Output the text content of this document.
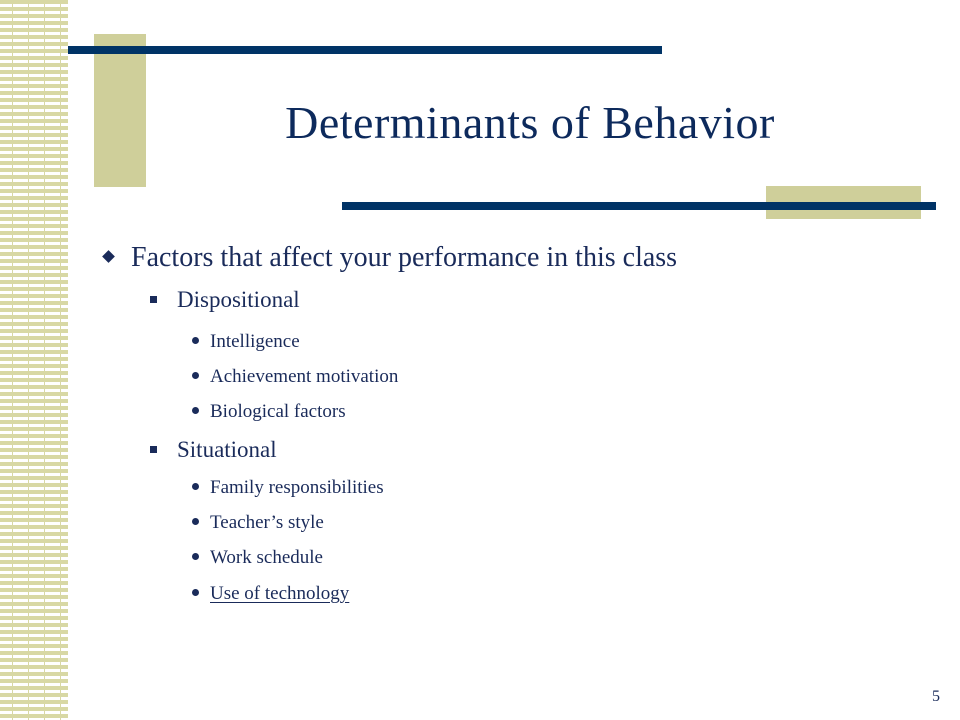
Determinants of Behavior
Factors that affect your performance in this class
Dispositional
Intelligence
Achievement motivation
Biological factors
Situational
Family responsibilities
Teacher’s style
Work schedule
Use of technology
5
